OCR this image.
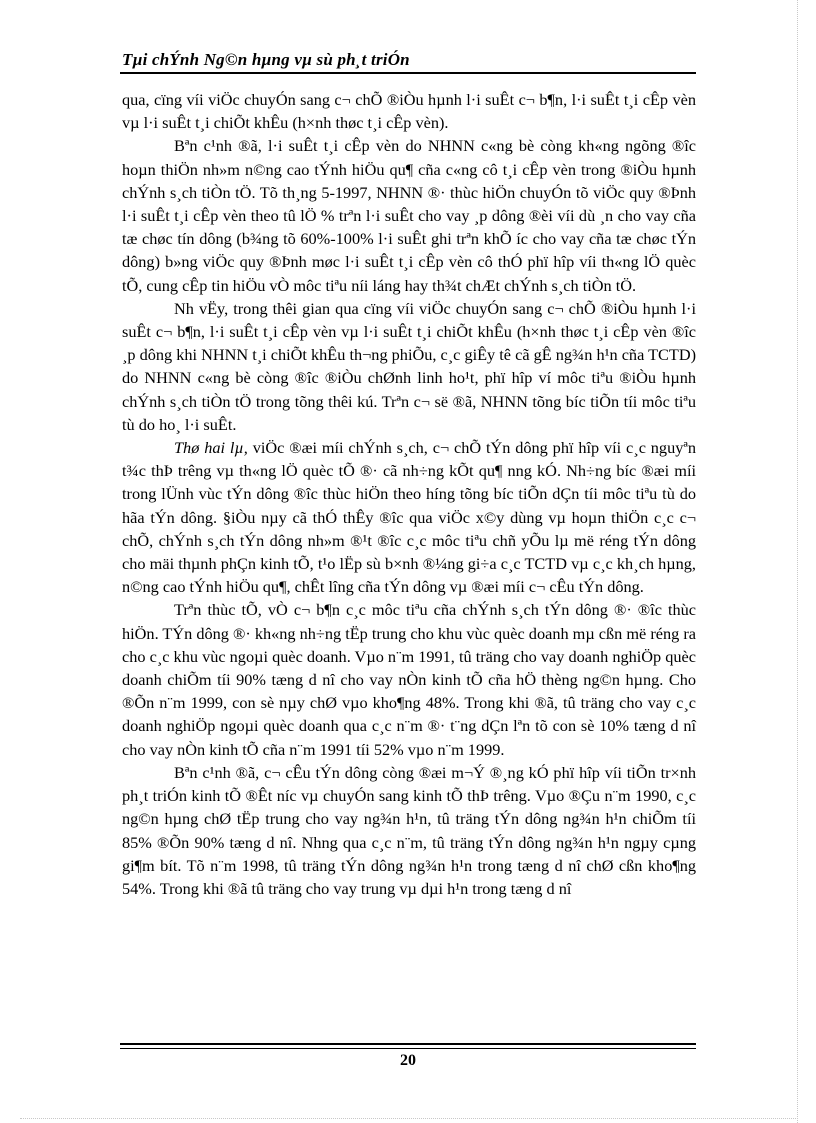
Tµi chÝnh Ng©n hµng vµ sù ph¸t triÓn

qua, cïng víi viÖc chuyÓn sang c¬ chÕ ®iÒu hµnh l·i suÊt c¬ b¶n, l·i suÊt t¸i cÊp vèn vµ l·i suÊt t¸i chiÕt khÊu (h×nh thøc t¸i cÊp vèn).

Bªn c¹nh ®ã, l·i suÊt t¸i cÊp vèn do NHNN c«ng bè còng kh«ng ngõng ®îc hoµn thiÖn nh»m n©ng cao tÝnh hiÖu qu¶ cña c«ng cô t¸i cÊp vèn trong ®iÒu hµnh chÝnh s¸ch tiÒn tÖ. Tõ th¸ng 5-1997, NHNN ®· thùc hiÖn chuyÓn tõ viÖc quy ®Þnh l·i suÊt t¸i cÊp vèn theo tû lÖ % trªn l·i suÊt cho vay ¸p dông ®èi víi dù ¸n cho vay cña tæ chøc tín dông (b¾ng tõ 60%-100% l·i suÊt ghi trªn khÕ íc cho vay cña tæ chøc tÝn dông) b»ng viÖc quy ®Þnh møc l·i suÊt t¸i cÊp vèn cô thÓ phï hîp víi th«ng lÖ quèc tÕ, cung cÊp tin hiÖu vÒ môc tiªu níi láng hay th¾t chÆt chÝnh s¸ch tiÒn tÖ.

Nh vËy, trong thêi gian qua cïng víi viÖc chuyÓn sang c¬ chÕ ®iÒu hµnh l·i suÊt c¬ b¶n, l·i suÊt t¸i cÊp vèn vµ l·i suÊt t¸i chiÕt khÊu (h×nh thøc t¸i cÊp vèn ®îc ¸p dông khi NHNN t¸i chiÕt khÊu th¬ng phiÕu, c¸c giÊy tê cã gÊ ng¾n h¹n cña TCTD) do NHNN c«ng bè còng ®îc ®iÒu chØnh linh ho¹t, phï hîp ví môc tiªu ®iÒu hµnh chÝnh s¸ch tiÒn tÖ trong tõng thêi kú. Trªn c¬ së ®ã, NHNN tõng bíc tiÕn tíi môc tiªu tù do ho¸ l·i suÊt.

Thø hai lµ, viÖc ®æi míi chÝnh s¸ch, c¬ chÕ tÝn dông phï hîp víi c¸c nguyªn t¾c thÞ trêng vµ th«ng lÖ quèc tÕ ®· cã nh÷ng kÕt qu¶ nng kÓ. Nh÷ng bíc ®æi míi trong lÜnh vùc tÝn dông ®îc thùc hiÖn theo híng tõng bíc tiÕn dÇn tíi môc tiªu tù do hãa tÝn dông. §iÒu nµy cã thÓ thÊy ®îc qua viÖc x©y dùng vµ hoµn thiÖn c¸c c¬ chÕ, chÝnh s¸ch tÝn dông nh»m ®¹t ®îc c¸c môc tiªu chñ yÕu lµ më réng tÝn dông cho mäi thµnh phÇn kinh tÕ, t¹o lËp sù b×nh ®¼ng gi÷a c¸c TCTD vµ c¸c kh¸ch hµng, n©ng cao tÝnh hiÖu qu¶, chÊt lîng cña tÝn dông vµ ®æi míi c¬ cÊu tÝn dông.

Trªn thùc tÕ, vÒ c¬ b¶n c¸c môc tiªu cña chÝnh s¸ch tÝn dông ®· ®îc thùc hiÖn. TÝn dông ®· kh«ng nh÷ng tËp trung cho khu vùc quèc doanh mµ cßn më réng ra cho c¸c khu vùc ngoµi quèc doanh. Vµo n¨m 1991, tû träng cho vay doanh nghiÖp quèc doanh chiÕm tíi 90% tæng d nî cho vay nÒn kinh tÕ cña hÖ thèng ng©n hµng. Cho ®Õn n¨m 1999, con sè nµy chØ vµo kho¶ng 48%. Trong khi ®ã, tû träng cho vay c¸c doanh nghiÖp ngoµi quèc doanh qua c¸c n¨m ®· t¨ng dÇn lªn tõ con sè 10% tæng d nî cho vay nÒn kinh tÕ cña n¨m 1991 tíi 52% vµo n¨m 1999.

Bªn c¹nh ®ã, c¬ cÊu tÝn dông còng ®æi m¬Ý ®¸ng kÓ phï hîp víi tiÕn tr×nh ph¸t triÓn kinh tÕ ®Êt níc vµ chuyÓn sang kinh tÕ thÞ trêng. Vµo ®Çu n¨m 1990, c¸c ng©n hµng chØ tËp trung cho vay ng¾n h¹n, tû träng tÝn dông ng¾n h¹n chiÕm tíi 85% ®Õn 90% tæng d nî. Nhng qua c¸c n¨m, tû träng tÝn dông ng¾n h¹n ngµy cµng gi¶m bít. Tõ n¨m 1998, tû träng tÝn dông ng¾n h¹n trong tæng d nî chØ cßn kho¶ng 54%. Trong khi ®ã tû träng cho vay trung vµ dµi h¹n trong tæng d nî

20
